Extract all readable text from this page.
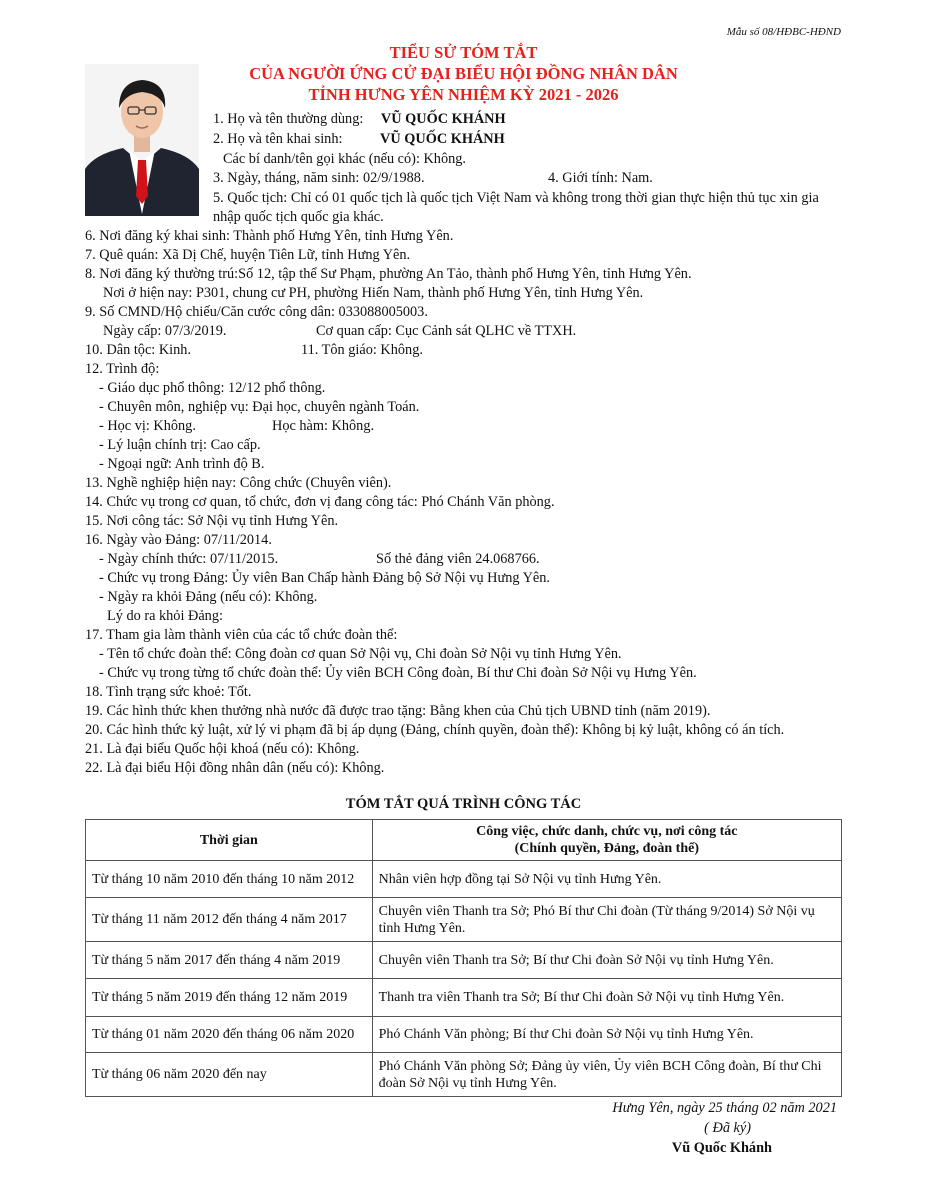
Mẫu số 08/HĐBC-HĐND
TIỂU SỬ TÓM TẮT
CỦA NGƯỜI ỨNG CỬ ĐẠI BIỂU HỘI ĐỒNG NHÂN DÂN
TỈNH HƯNG YÊN NHIỆM KỲ 2021 - 2026
1. Họ và tên thường dùng: VŨ QUỐC KHÁNH
2. Họ và tên khai sinh:	VŨ QUỐC KHÁNH
Các bí danh/tên gọi khác (nếu có): Không.
3. Ngày, tháng, năm sinh: 02/9/1988.	4. Giới tính: Nam.
5. Quốc tịch: Chỉ có 01 quốc tịch là quốc tịch Việt Nam và không trong thời gian thực hiện thủ tục xin gia
nhập quốc tịch quốc gia khác.
6. Nơi đăng ký khai sinh: Thành phố Hưng Yên, tỉnh Hưng Yên.
7. Quê quán: Xã Dị Chế, huyện Tiên Lữ, tỉnh Hưng Yên.
8. Nơi đăng ký thường trú:Số 12, tập thể Sư Phạm, phường An Tảo, thành phố Hưng Yên, tỉnh Hưng Yên.
Nơi ở hiện nay: P301, chung cư PH, phường Hiến Nam, thành phố Hưng Yên, tỉnh Hưng Yên.
9. Số CMND/Hộ chiếu/Căn cước công dân: 033088005003.
Ngày cấp: 07/3/2019.	Cơ quan cấp: Cục Cảnh sát QLHC về TTXH.
10. Dân tộc: Kinh.	11. Tôn giáo: Không.
12. Trình độ:
- Giáo dục phổ thông: 12/12 phổ thông.
- Chuyên môn, nghiệp vụ: Đại học, chuyên ngành Toán.
- Học vị: Không.	Học hàm: Không.
- Lý luận chính trị: Cao cấp.
- Ngoại ngữ: Anh trình độ B.
13. Nghề nghiệp hiện nay: Công chức (Chuyên viên).
14. Chức vụ trong cơ quan, tổ chức, đơn vị đang công tác: Phó Chánh Văn phòng.
15. Nơi công tác: Sở Nội vụ tỉnh Hưng Yên.
16. Ngày vào Đảng: 07/11/2014.
- Ngày chính thức: 07/11/2015.	Số thẻ đảng viên 24.068766.
- Chức vụ trong Đảng: Ủy viên Ban Chấp hành Đảng bộ Sở Nội vụ Hưng Yên.
- Ngày ra khỏi Đảng (nếu có): Không.
Lý do ra khỏi Đảng:
17. Tham gia làm thành viên của các tổ chức đoàn thể:
- Tên tổ chức đoàn thể: Công đoàn cơ quan Sở Nội vụ, Chi đoàn Sở Nội vụ tỉnh Hưng Yên.
- Chức vụ trong từng tổ chức đoàn thể: Ủy viên BCH Công đoàn, Bí thư Chi đoàn Sở Nội vụ Hưng Yên.
18. Tình trạng sức khoẻ: Tốt.
19. Các hình thức khen thưởng nhà nước đã được trao tặng: Bằng khen của Chủ tịch UBND tỉnh (năm 2019).
20. Các hình thức kỷ luật, xử lý vi phạm đã bị áp dụng (Đảng, chính quyền, đoàn thể): Không bị kỷ luật, không có án tích.
21. Là đại biểu Quốc hội khoá (nếu có): Không.
22. Là đại biểu Hội đồng nhân dân (nếu có): Không.
TÓM TẮT QUÁ TRÌNH CÔNG TÁC
Thời gian	Công việc, chức danh, chức vụ, nơi công tác
(Chính quyền, Đảng, đoàn thể)

Từ tháng 10 năm 2010 đến tháng 10 năm 2012	Nhân viên hợp đồng tại Sở Nội vụ tỉnh Hưng Yên.
Từ tháng 11 năm 2012 đến tháng 4 năm 2017	Chuyên viên Thanh tra Sở; Phó Bí thư Chi đoàn (Từ tháng 9/2014) Sở Nội vụ tỉnh Hưng Yên.
Từ tháng 5 năm 2017 đến tháng 4 năm 2019	Chuyên viên Thanh tra Sở; Bí thư Chi đoàn Sở Nội vụ tỉnh Hưng Yên.
Từ tháng 5 năm 2019 đến tháng 12 năm 2019	Thanh tra viên Thanh tra Sở; Bí thư Chi đoàn Sở Nội vụ tỉnh Hưng Yên.
Từ tháng 01 năm 2020 đến tháng 06 năm 2020	Phó Chánh Văn phòng; Bí thư Chi đoàn Sở Nội vụ tỉnh Hưng Yên.
Từ tháng 06 năm 2020 đến nay	Phó Chánh Văn phòng Sở; Đảng ủy viên, Ủy viên BCH Công đoàn, Bí thư Chi đoàn Sở Nội vụ tỉnh Hưng Yên.
Hưng Yên, ngày 25 tháng 02 năm 2021
( Đã ký)
Vũ Quốc Khánh
